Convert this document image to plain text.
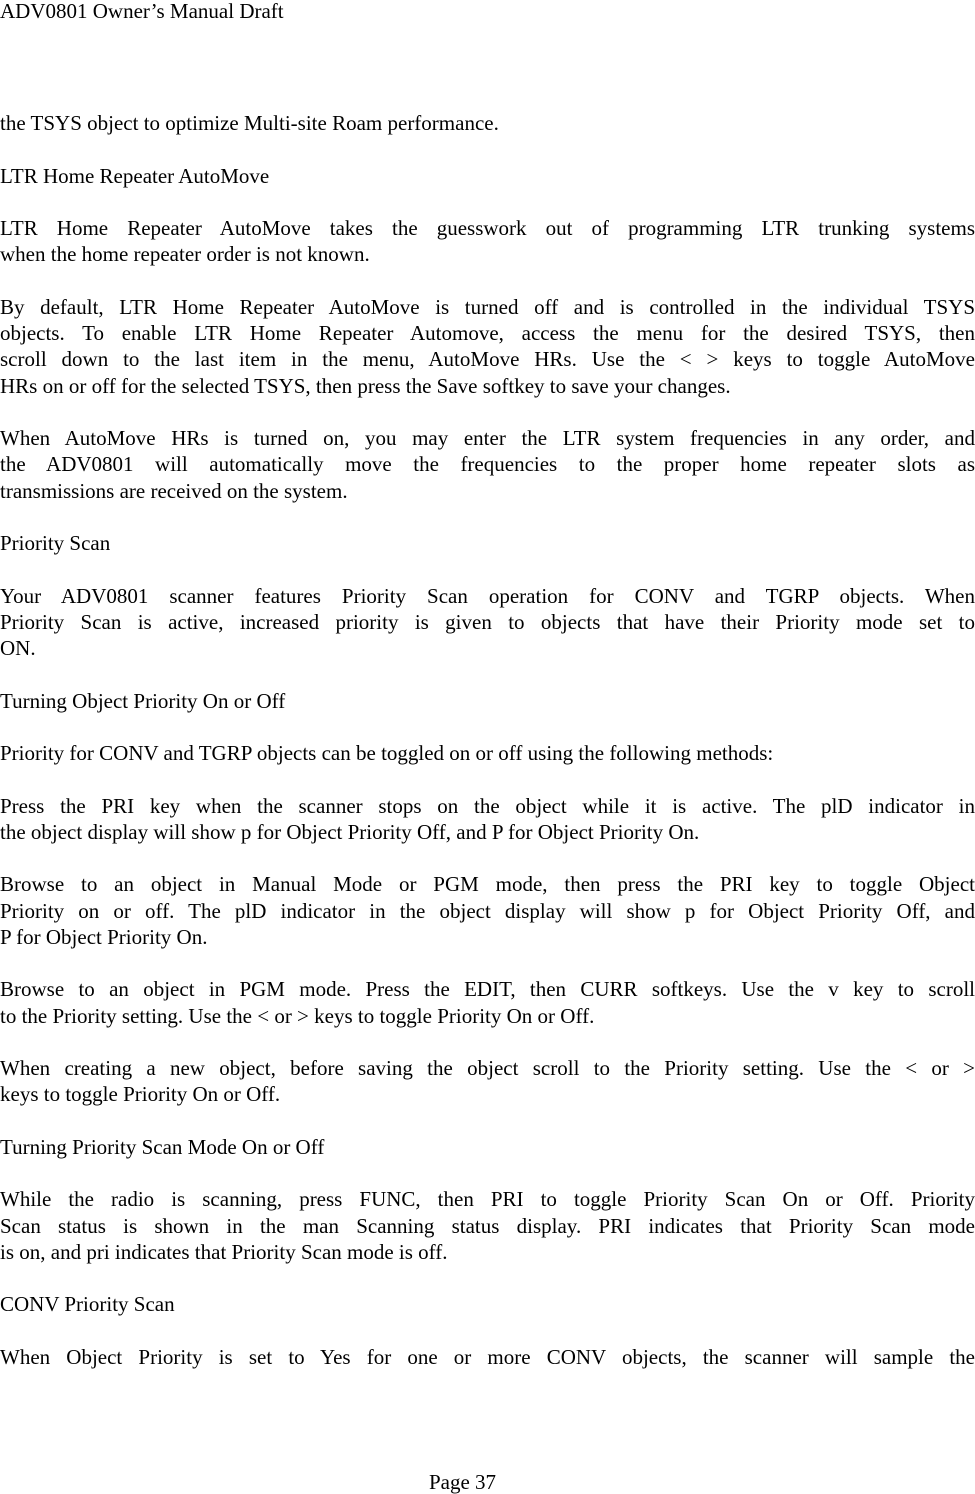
ADV0801 Owner’s Manual Draft
the TSYS object to optimize Multi-site Roam performance.
LTR Home Repeater AutoMove
LTR Home Repeater AutoMove takes the guesswork out of programming LTR trunking systems
when the home repeater order is not known.
By default, LTR Home Repeater AutoMove is turned off and is controlled in the individual TSYS
objects. To enable LTR Home Repeater Automove, access the menu for the desired TSYS, then
scroll down to the last item in the menu, AutoMove HRs. Use the < > keys to toggle AutoMove
HRs on or off for the selected TSYS, then press the Save softkey to save your changes.
When AutoMove HRs is turned on, you may enter the LTR system frequencies in any order, and
the ADV0801 will automatically move the frequencies to the proper home repeater slots as
transmissions are received on the system.
Priority Scan
Your ADV0801 scanner features Priority Scan operation for CONV and TGRP objects. When
Priority Scan is active, increased priority is given to objects that have their Priority mode set to
ON.
Turning Object Priority On or Off
Priority for CONV and TGRP objects can be toggled on or off using the following methods:
Press the PRI key when the scanner stops on the object while it is active. The plD indicator in
the object display will show p for Object Priority Off, and P for Object Priority On.
Browse to an object in Manual Mode or PGM mode, then press the PRI key to toggle Object
Priority on or off. The plD indicator in the object display will show p for Object Priority Off, and
P for Object Priority On.
Browse to an object in PGM mode. Press the EDIT, then CURR softkeys. Use the v key to scroll
to the Priority setting. Use the < or > keys to toggle Priority On or Off.
When creating a new object, before saving the object scroll to the Priority setting. Use the < or >
keys to toggle Priority On or Off.
Turning Priority Scan Mode On or Off
While the radio is scanning, press FUNC, then PRI to toggle Priority Scan On or Off. Priority
Scan status is shown in the man Scanning status display. PRI indicates that Priority Scan mode
is on, and pri indicates that Priority Scan mode is off.
CONV Priority Scan
When Object Priority is set to Yes for one or more CONV objects, the scanner will sample the
Page 37
